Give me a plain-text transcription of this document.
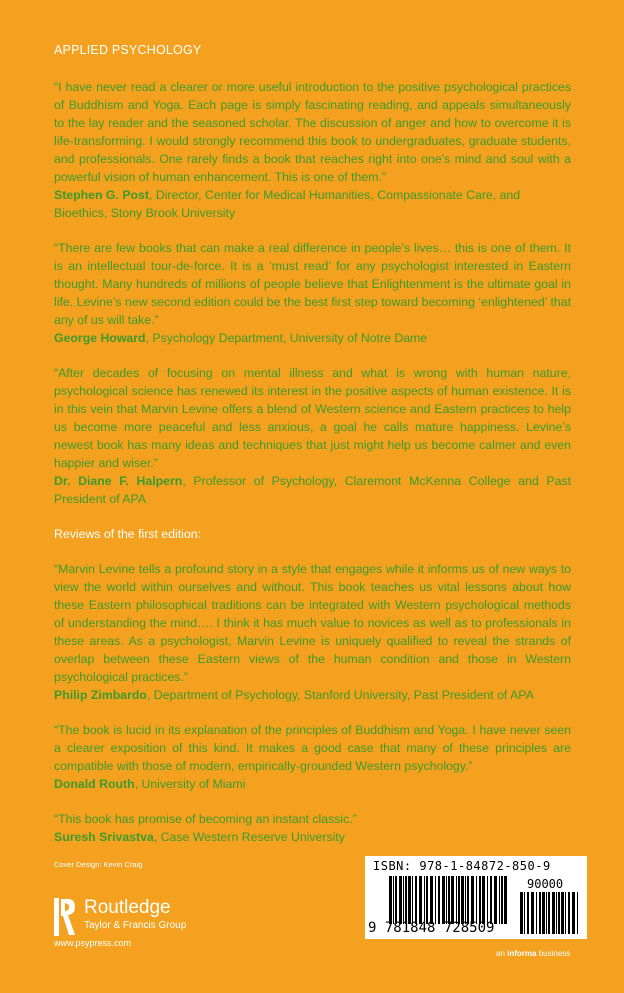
APPLIED PSYCHOLOGY
“I have never read a clearer or more useful introduction to the positive psychological practices of Buddhism and Yoga. Each page is simply fascinating reading, and appeals simultaneously to the lay reader and the seasoned scholar. The discussion of anger and how to overcome it is life-transforming. I would strongly recommend this book to undergraduates, graduate students, and professionals. One rarely finds a book that reaches right into one’s mind and soul with a powerful vision of human enhancement. This is one of them.”
Stephen G. Post, Director, Center for Medical Humanities, Compassionate Care, and Bioethics, Stony Brook University
“There are few books that can make a real difference in people’s lives… this is one of them. It is an intellectual tour-de-force. It is a ‘must read’ for any psychologist interested in Eastern thought. Many hundreds of millions of people believe that Enlightenment is the ultimate goal in life. Levine’s new second edition could be the best first step toward becoming ‘enlightened’ that any of us will take.”
George Howard, Psychology Department, University of Notre Dame
“After decades of focusing on mental illness and what is wrong with human nature, psychological science has renewed its interest in the positive aspects of human existence. It is in this vein that Marvin Levine offers a blend of Western science and Eastern practices to help us become more peaceful and less anxious, a goal he calls mature happiness. Levine’s newest book has many ideas and techniques that just might help us become calmer and even happier and wiser.”
Dr. Diane F. Halpern, Professor of Psychology, Claremont McKenna College and Past President of APA
Reviews of the first edition:
“Marvin Levine tells a profound story in a style that engages while it informs us of new ways to view the world within ourselves and without. This book teaches us vital lessons about how these Eastern philosophical traditions can be integrated with Western psychological methods of understanding the mind…. I think it has much value to novices as well as to professionals in these areas. As a psychologist, Marvin Levine is uniquely qualified to reveal the strands of overlap between these Eastern views of the human condition and those in Western psychological practices.”
Philip Zimbardo, Department of Psychology, Stanford University, Past President of APA
“The book is lucid in its explanation of the principles of Buddhism and Yoga. I have never seen a clearer exposition of this kind. It makes a good case that many of these principles are compatible with those of modern, empirically-grounded Western psychology.”
Donald Routh, University of Miami
“This book has promise of becoming an instant classic.”
Suresh Srivastva, Case Western Reserve University
Cover Design: Kevin Craig
Routledge
Taylor & Francis Group
www.psypress.com
ISBN: 978-1-84872-850-9
90000
9 781848 728509
an informa business
